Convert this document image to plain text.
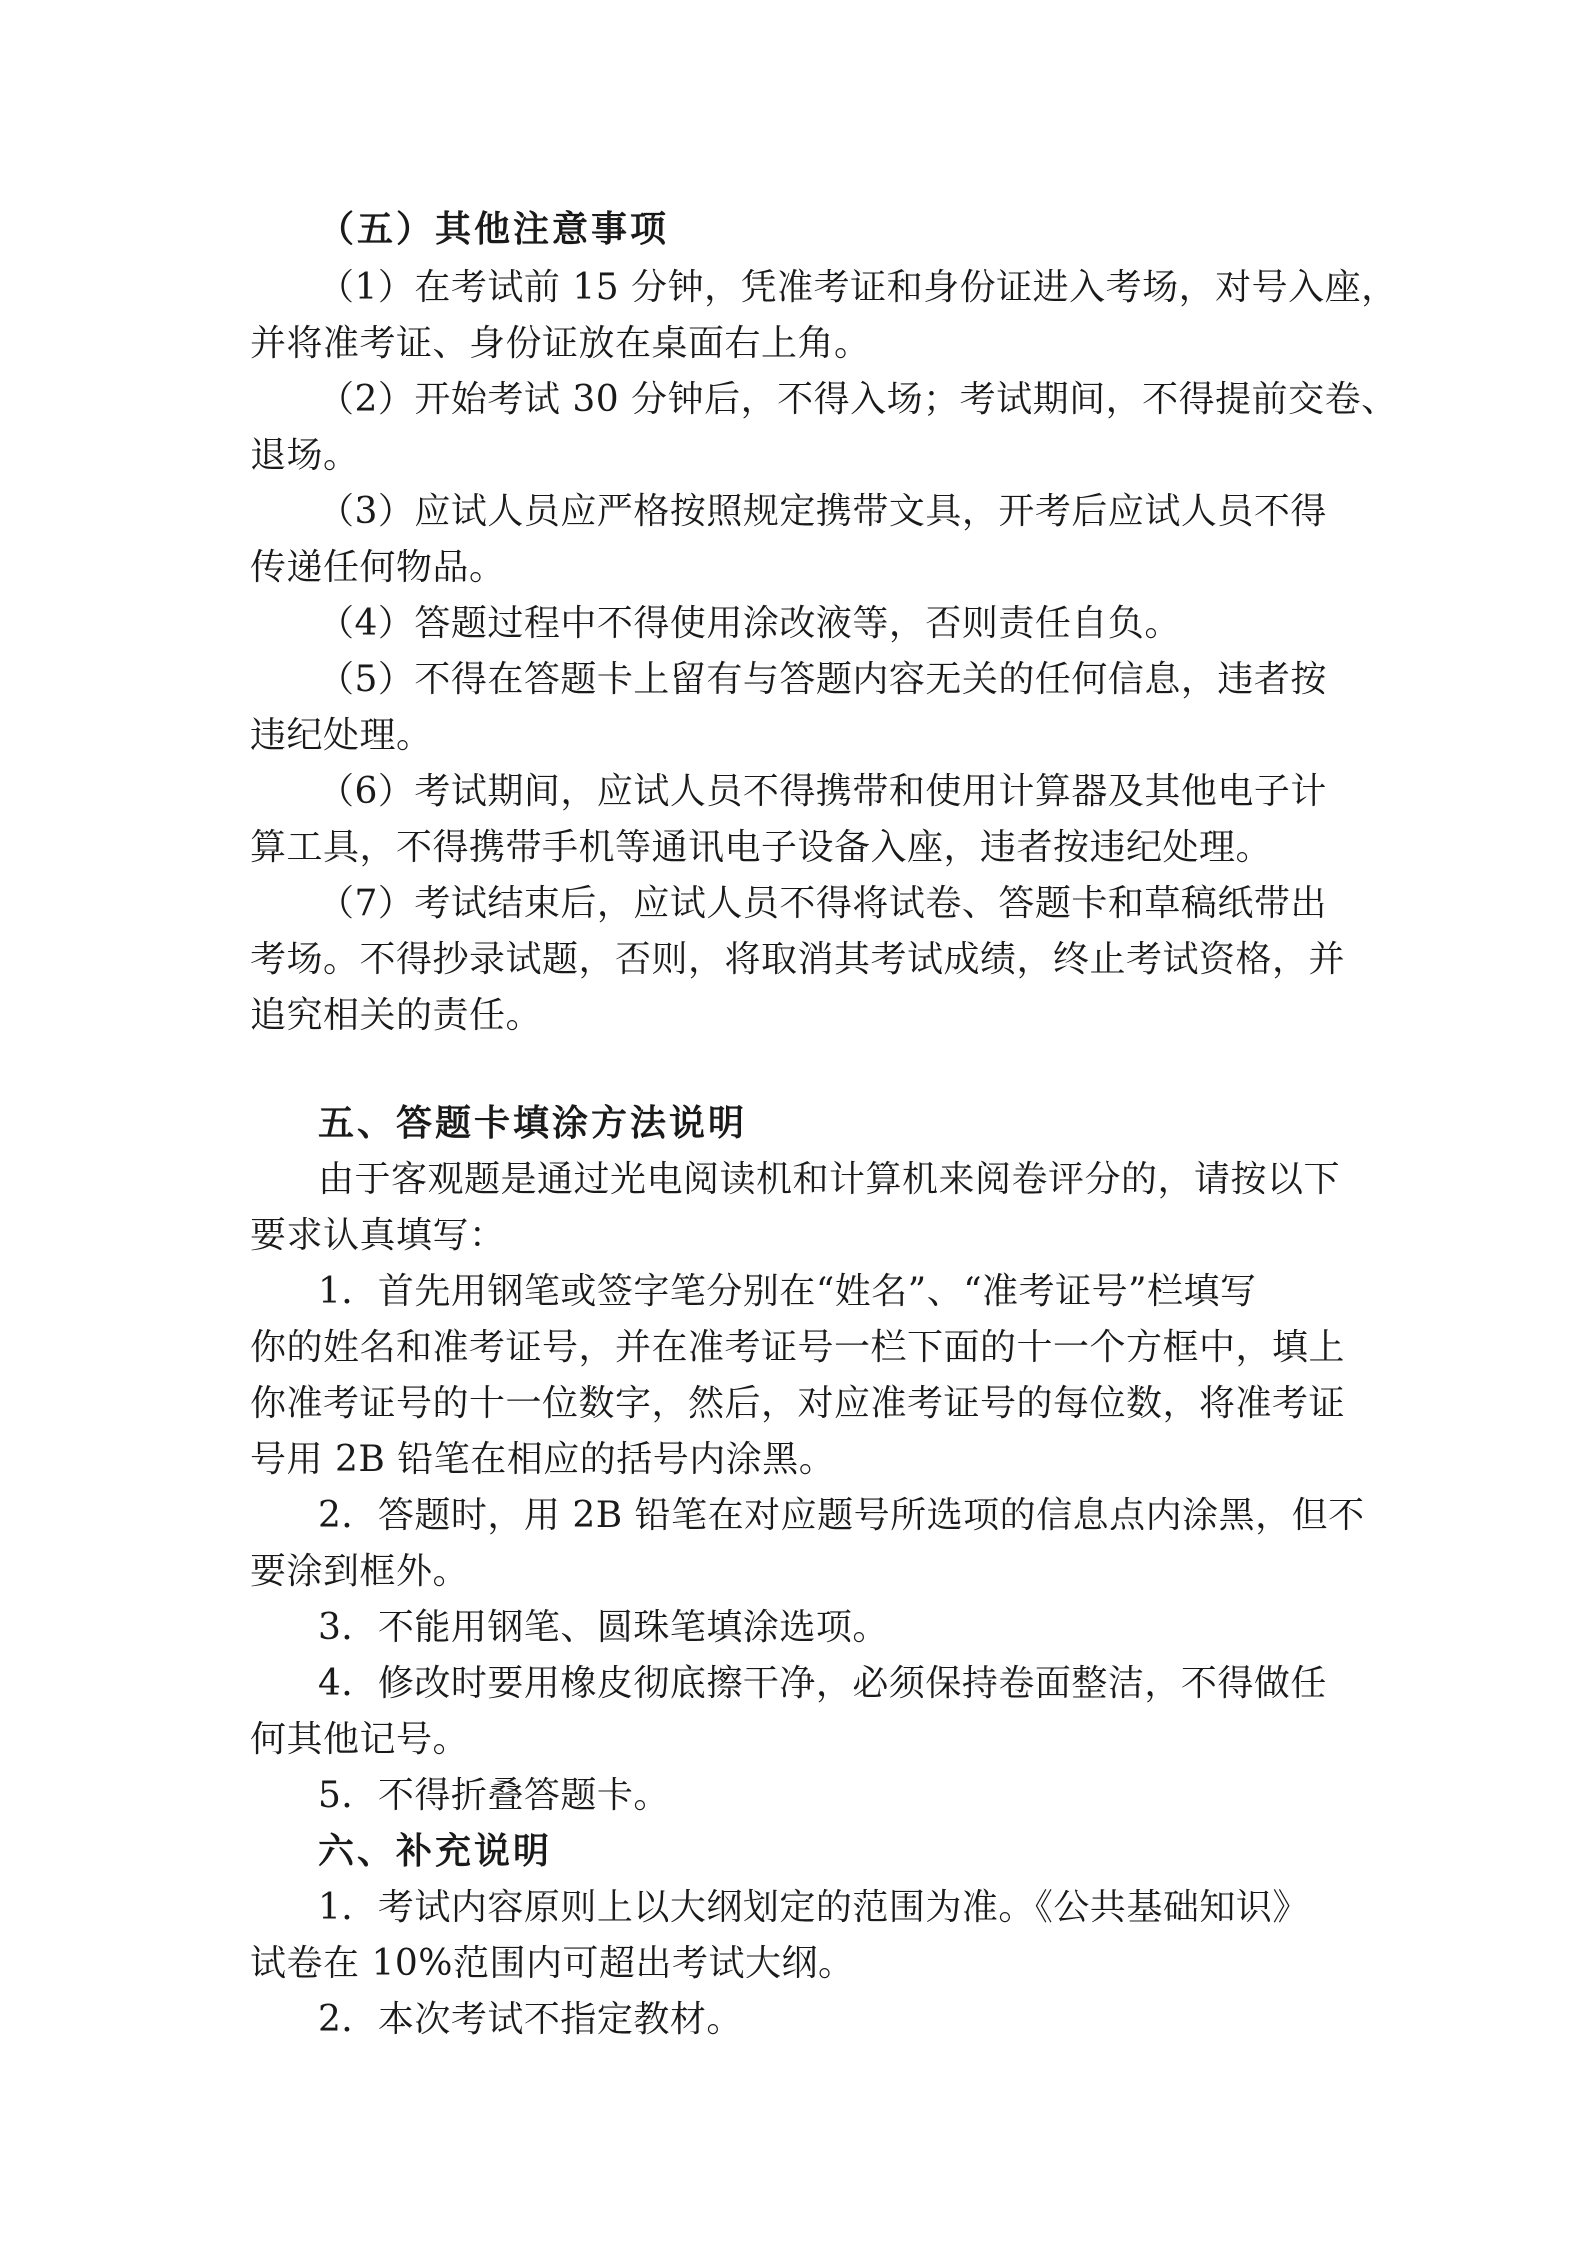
（五）其他注意事项
（1）在考试前 15 分钟，凭准考证和身份证进入考场，对号入座，
并将准考证、身份证放在桌面右上角。
（2）开始考试 30 分钟后，不得入场；考试期间，不得提前交卷、
退场。
（3）应试人员应严格按照规定携带文具，开考后应试人员不得
传递任何物品。
（4）答题过程中不得使用涂改液等，否则责任自负。
（5）不得在答题卡上留有与答题内容无关的任何信息，违者按
违纪处理。
（6）考试期间，应试人员不得携带和使用计算器及其他电子计
算工具，不得携带手机等通讯电子设备入座，违者按违纪处理。
（7）考试结束后，应试人员不得将试卷、答题卡和草稿纸带出
考场。不得抄录试题，否则，将取消其考试成绩，终止考试资格，并
追究相关的责任。
五、答题卡填涂方法说明
由于客观题是通过光电阅读机和计算机来阅卷评分的，请按以下
要求认真填写：
1．首先用钢笔或签字笔分别在“姓名”、“准考证号”栏填写
你的姓名和准考证号，并在准考证号一栏下面的十一个方框中，填上
你准考证号的十一位数字，然后，对应准考证号的每位数，将准考证
号用 2B 铅笔在相应的括号内涂黑。
2．答题时，用 2B 铅笔在对应题号所选项的信息点内涂黑，但不
要涂到框外。
3．不能用钢笔、圆珠笔填涂选项。
4．修改时要用橡皮彻底擦干净，必须保持卷面整洁，不得做任
何其他记号。
5．不得折叠答题卡。
六、补充说明
1．考试内容原则上以大纲划定的范围为准。《公共基础知识》
试卷在 10%范围内可超出考试大纲。
2．本次考试不指定教材。
